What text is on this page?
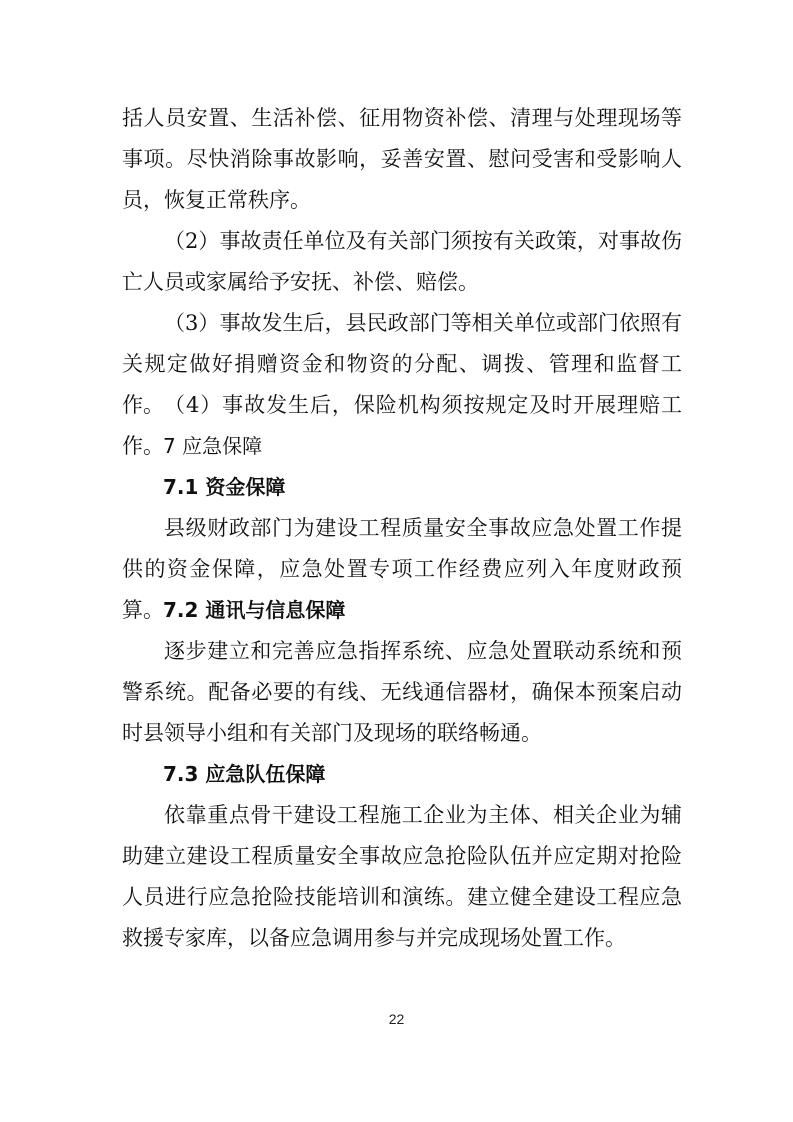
括人员安置、生活补偿、征用物资补偿、清理与处理现场等事项。尽快消除事故影响，妥善安置、慰问受害和受影响人员，恢复正常秩序。

（2）事故责任单位及有关部门须按有关政策，对事故伤亡人员或家属给予安抚、补偿、赔偿。

（3）事故发生后，县民政部门等相关单位或部门依照有关规定做好捐赠资金和物资的分配、调拨、管理和监督工作。 （4）事故发生后，保险机构须按规定及时开展理赔工作。 7 应急保障

7.1 资金保障

县级财政部门为建设工程质量安全事故应急处置工作提供的资金保障，应急处置专项工作经费应列入年度财政预算。 7.2 通讯与信息保障

逐步建立和完善应急指挥系统、应急处置联动系统和预警系统。配备必要的有线、无线通信器材，确保本预案启动时县领导小组和有关部门及现场的联络畅通。

7.3 应急队伍保障

依靠重点骨干建设工程施工企业为主体、相关企业为辅助建立建设工程质量安全事故应急抢险队伍并应定期对抢险人员进行应急抢险技能培训和演练。建立健全建设工程应急救援专家库，以备应急调用参与并完成现场处置工作。

22
